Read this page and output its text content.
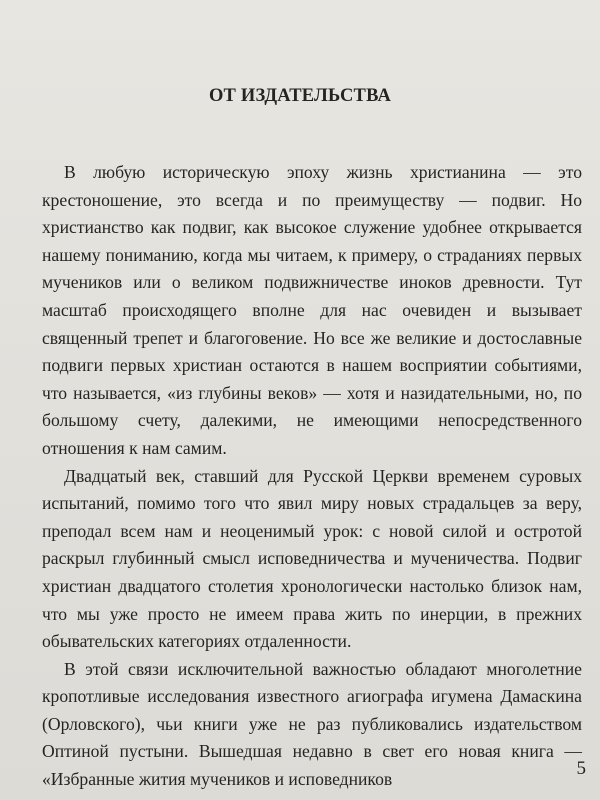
ОТ ИЗДАТЕЛЬСТВА

В любую историческую эпоху жизнь христианина — это крестоношение, это всегда и по преимуществу — подвиг. Но христианство как подвиг, как высокое служение удобнее открывается нашему пониманию, когда мы читаем, к примеру, о страданиях первых мучеников или о великом подвижничестве иноков древности. Тут масштаб происходящего вполне для нас очевиден и вызывает священный трепет и благоговение. Но все же великие и достославные подвиги первых христиан остаются в нашем восприятии событиями, что называется, «из глубины веков» — хотя и назидательными, но, по большому счету, далекими, не имеющими непосредственного отношения к нам самим.

Двадцатый век, ставший для Русской Церкви временем суровых испытаний, помимо того что явил миру новых страдальцев за веру, преподал всем нам и неоценимый урок: с новой силой и остротой раскрыл глубинный смысл исповедничества и мученичества. Подвиг христиан двадцатого столетия хронологически настолько близок нам, что мы уже просто не имеем права жить по инерции, в прежних обывательских категориях отдаленности.

В этой связи исключительной важностью обладают многолетние кропотливые исследования известного агиографа игумена Дамаскина (Орловского), чьи книги уже не раз публиковались издательством Оптиной пустыни. Вышедшая недавно в свет его новая книга — «Избранные жития мучеников и исповедников

5
